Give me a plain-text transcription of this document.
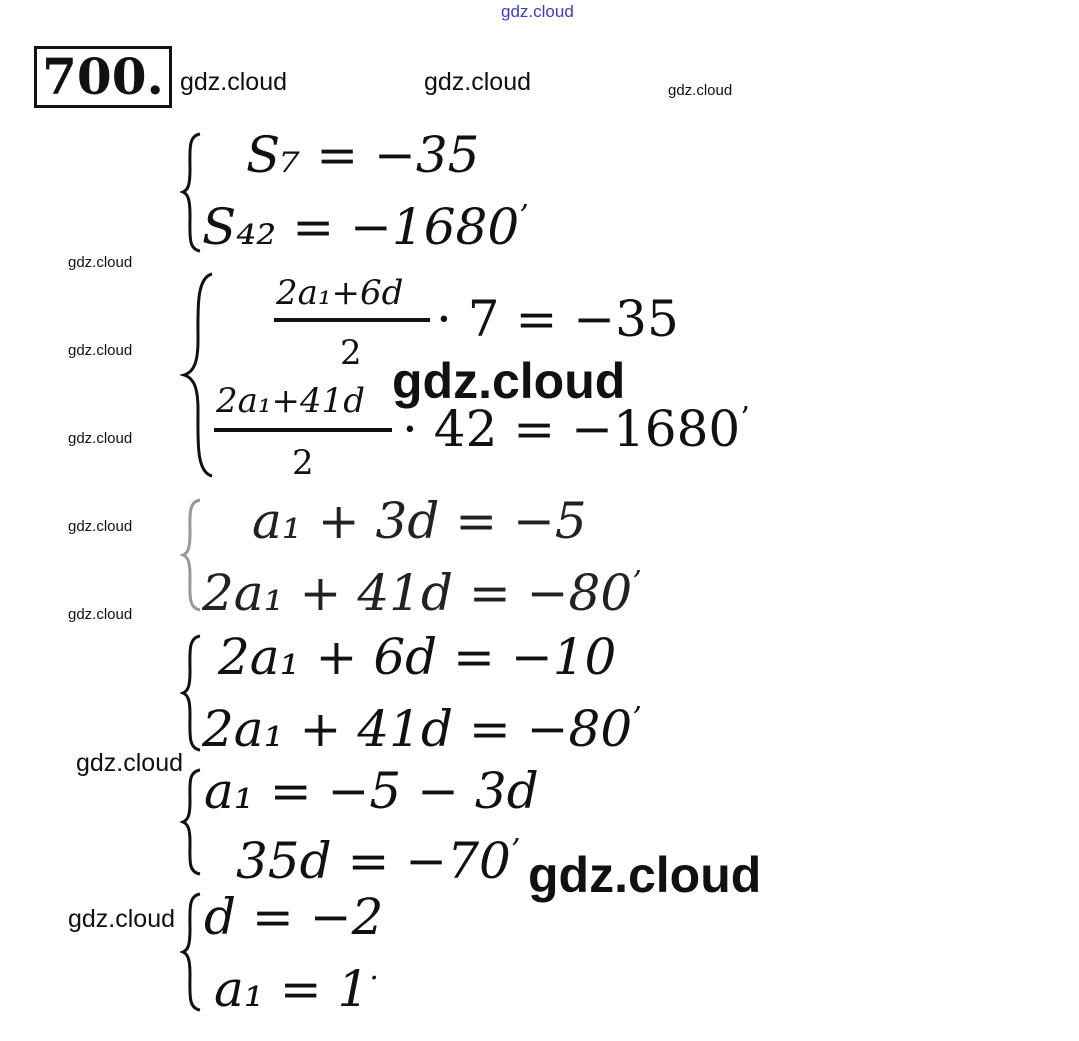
gdz.cloud
gdz.cloud	gdz.cloud	gdz.cloud
gdz.cloud
gdz.cloud
gdz.cloud
gdz.cloud
gdz.cloud
gdz.cloud
gdz.cloud
700.
S₇ = −35
S₄₂ = −1680’
2a₁+6d
2
· 7 = −35
2a₁+41d
2
· 42 = −1680’
gdz.cloud
a₁ + 3d = −5
2a₁ + 41d = −80’
2a₁ + 6d = −10
2a₁ + 41d = −80’
a₁ = −5 − 3d
35d = −70’ gdz.cloud
d = −2
a₁ = 1·
